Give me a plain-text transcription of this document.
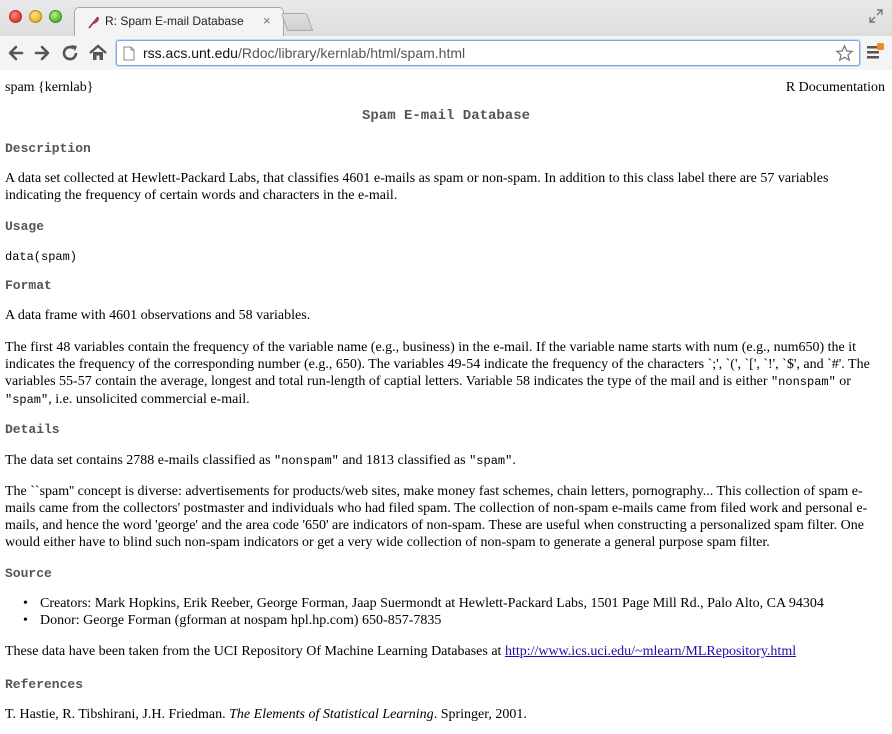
R: Spam E-mail Database ×
rss.acs.unt.edu/Rdoc/library/kernlab/html/spam.html
spam {kernlab}	R Documentation
Spam E-mail Database
Description

A data set collected at Hewlett-Packard Labs, that classifies 4601 e-mails as spam or non-spam. In addition to this class label there are 57 variables indicating the frequency of certain words and characters in the e-mail.

Usage

data(spam)

Format

A data frame with 4601 observations and 58 variables.

The first 48 variables contain the frequency of the variable name (e.g., business) in the e-mail. If the variable name starts with num (e.g., num650) the it indicates the frequency of the corresponding number (e.g., 650). The variables 49-54 indicate the frequency of the characters `;', `(', `[', `!', `$', and `#'. The variables 55-57 contain the average, longest and total run-length of captial letters. Variable 58 indicates the type of the mail and is either "nonspam" or "spam", i.e. unsolicited commercial e-mail.

Details

The data set contains 2788 e-mails classified as "nonspam" and 1813 classified as "spam".

The ``spam'' concept is diverse: advertisements for products/web sites, make money fast schemes, chain letters, pornography... This collection of spam e-mails came from the collectors' postmaster and individuals who had filed spam. The collection of non-spam e-mails came from filed work and personal e-mails, and hence the word 'george' and the area code '650' are indicators of non-spam. These are useful when constructing a personalized spam filter. One would either have to blind such non-spam indicators or get a very wide collection of non-spam to generate a general purpose spam filter.

Source
• Creators: Mark Hopkins, Erik Reeber, George Forman, Jaap Suermondt at Hewlett-Packard Labs, 1501 Page Mill Rd., Palo Alto, CA 94304
• Donor: George Forman (gforman at nospam hpl.hp.com) 650-857-7835

These data have been taken from the UCI Repository Of Machine Learning Databases at http://www.ics.uci.edu/~mlearn/MLRepository.html

References

T. Hastie, R. Tibshirani, J.H. Friedman. The Elements of Statistical Learning. Springer, 2001.
